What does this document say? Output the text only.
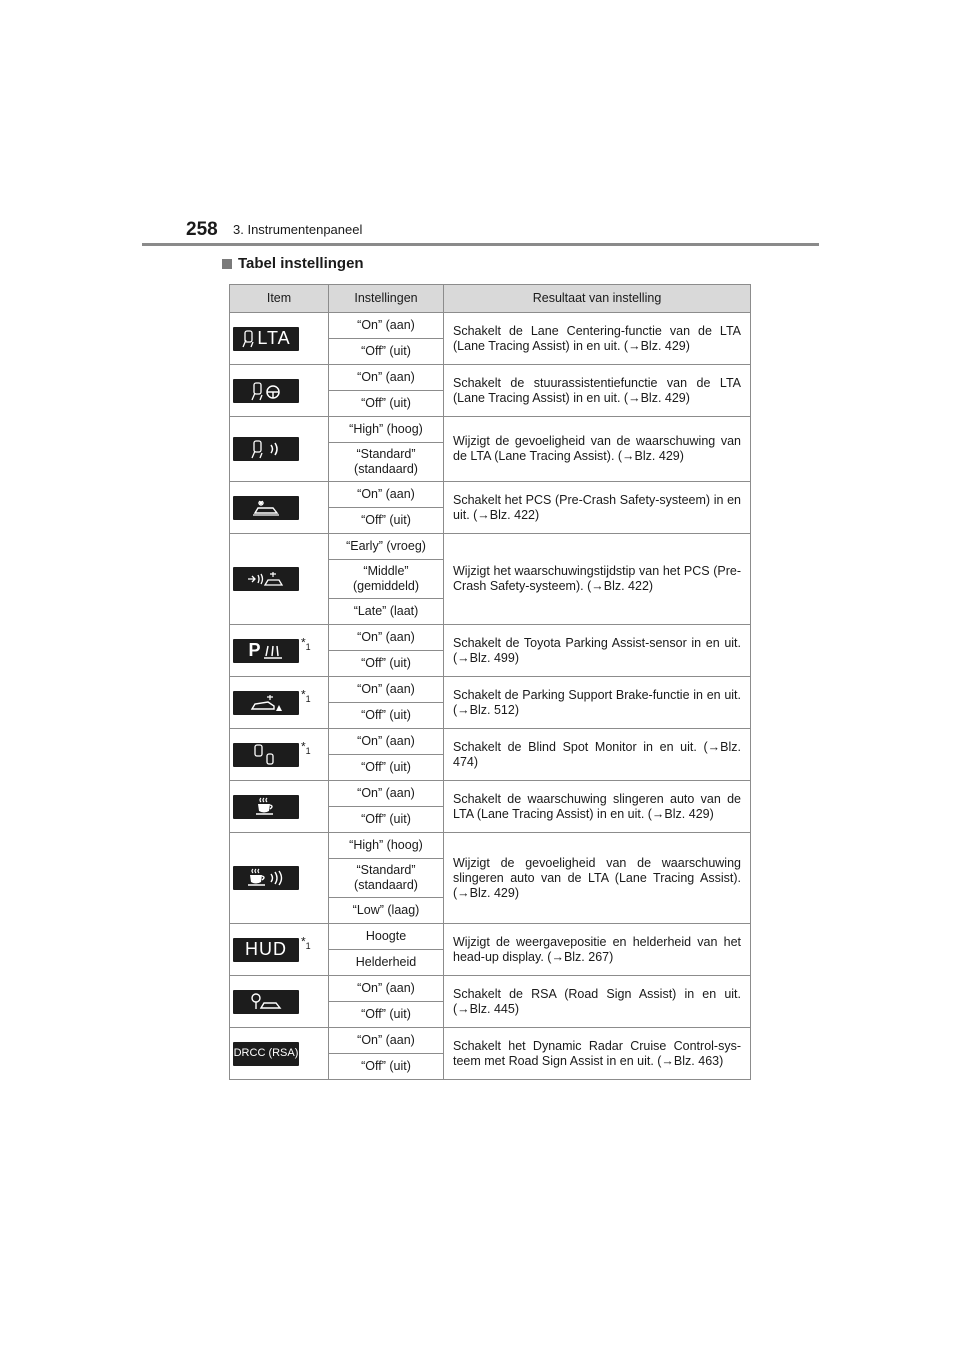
258 3. Instrumentenpaneel
Tabel instellingen
Item	Instellingen	Resultaat van instelling

LTA	“On” (aan)	Schakelt de Lane Centering-functie van de LTA (Lane Tracing Assist) in en uit. (→Blz. 429)
	“Off” (uit)	

	“On” (aan)	Schakelt de stuurassistentiefunctie van de LTA (Lane Tracing Assist) in en uit. (→Blz. 429)
	“Off” (uit)	

	“High” (hoog)	Wijzigt de gevoeligheid van de waarschuwing van de LTA (Lane Tracing Assist). (→Blz. 429)
	“Standard” (standaard)	

	“On” (aan)	Schakelt het PCS (Pre-Crash Safety-systeem) in en uit. (→Blz. 422)
	“Off” (uit)	

	“Early” (vroeg)	Wijzigt het waarschuwingstijdstip van het PCS (Pre-Crash Safety-systeem). (→Blz. 422)
	“Middle” (gemiddeld)	
	“Late” (laat)	

P $*_1$	“On” (aan)	Schakelt de Toyota Parking Assist-sensor in en uit. (→Blz. 499)
	“Off” (uit)	

$*_1$	“On” (aan)	Schakelt de Parking Support Brake-functie in en uit. (→Blz. 512)
	“Off” (uit)	

$*_1$	“On” (aan)	Schakelt de Blind Spot Monitor in en uit. (→Blz. 474)
	“Off” (uit)	

	“On” (aan)	Schakelt de waarschuwing slingeren auto van de LTA (Lane Tracing Assist) in en uit. (→Blz. 429)
	“Off” (uit)	

	“High” (hoog)	Wijzigt de gevoeligheid van de waarschuwing slingeren auto van de LTA (Lane Tracing Assist). (→Blz. 429)
	“Standard” (standaard)	
	“Low” (laag)	

HUD $*_1$	Hoogte	Wijzigt de weergavepositie en helderheid van het head-up display. (→Blz. 267)
	Helderheid	

	“On” (aan)	Schakelt de RSA (Road Sign Assist) in en uit. (→Blz. 445)
	“Off” (uit)	

DRCC (RSA)	“On” (aan)	Schakelt het Dynamic Radar Cruise Control-sys-teem met Road Sign Assist in en uit. (→Blz. 463)
	“Off” (uit)	
